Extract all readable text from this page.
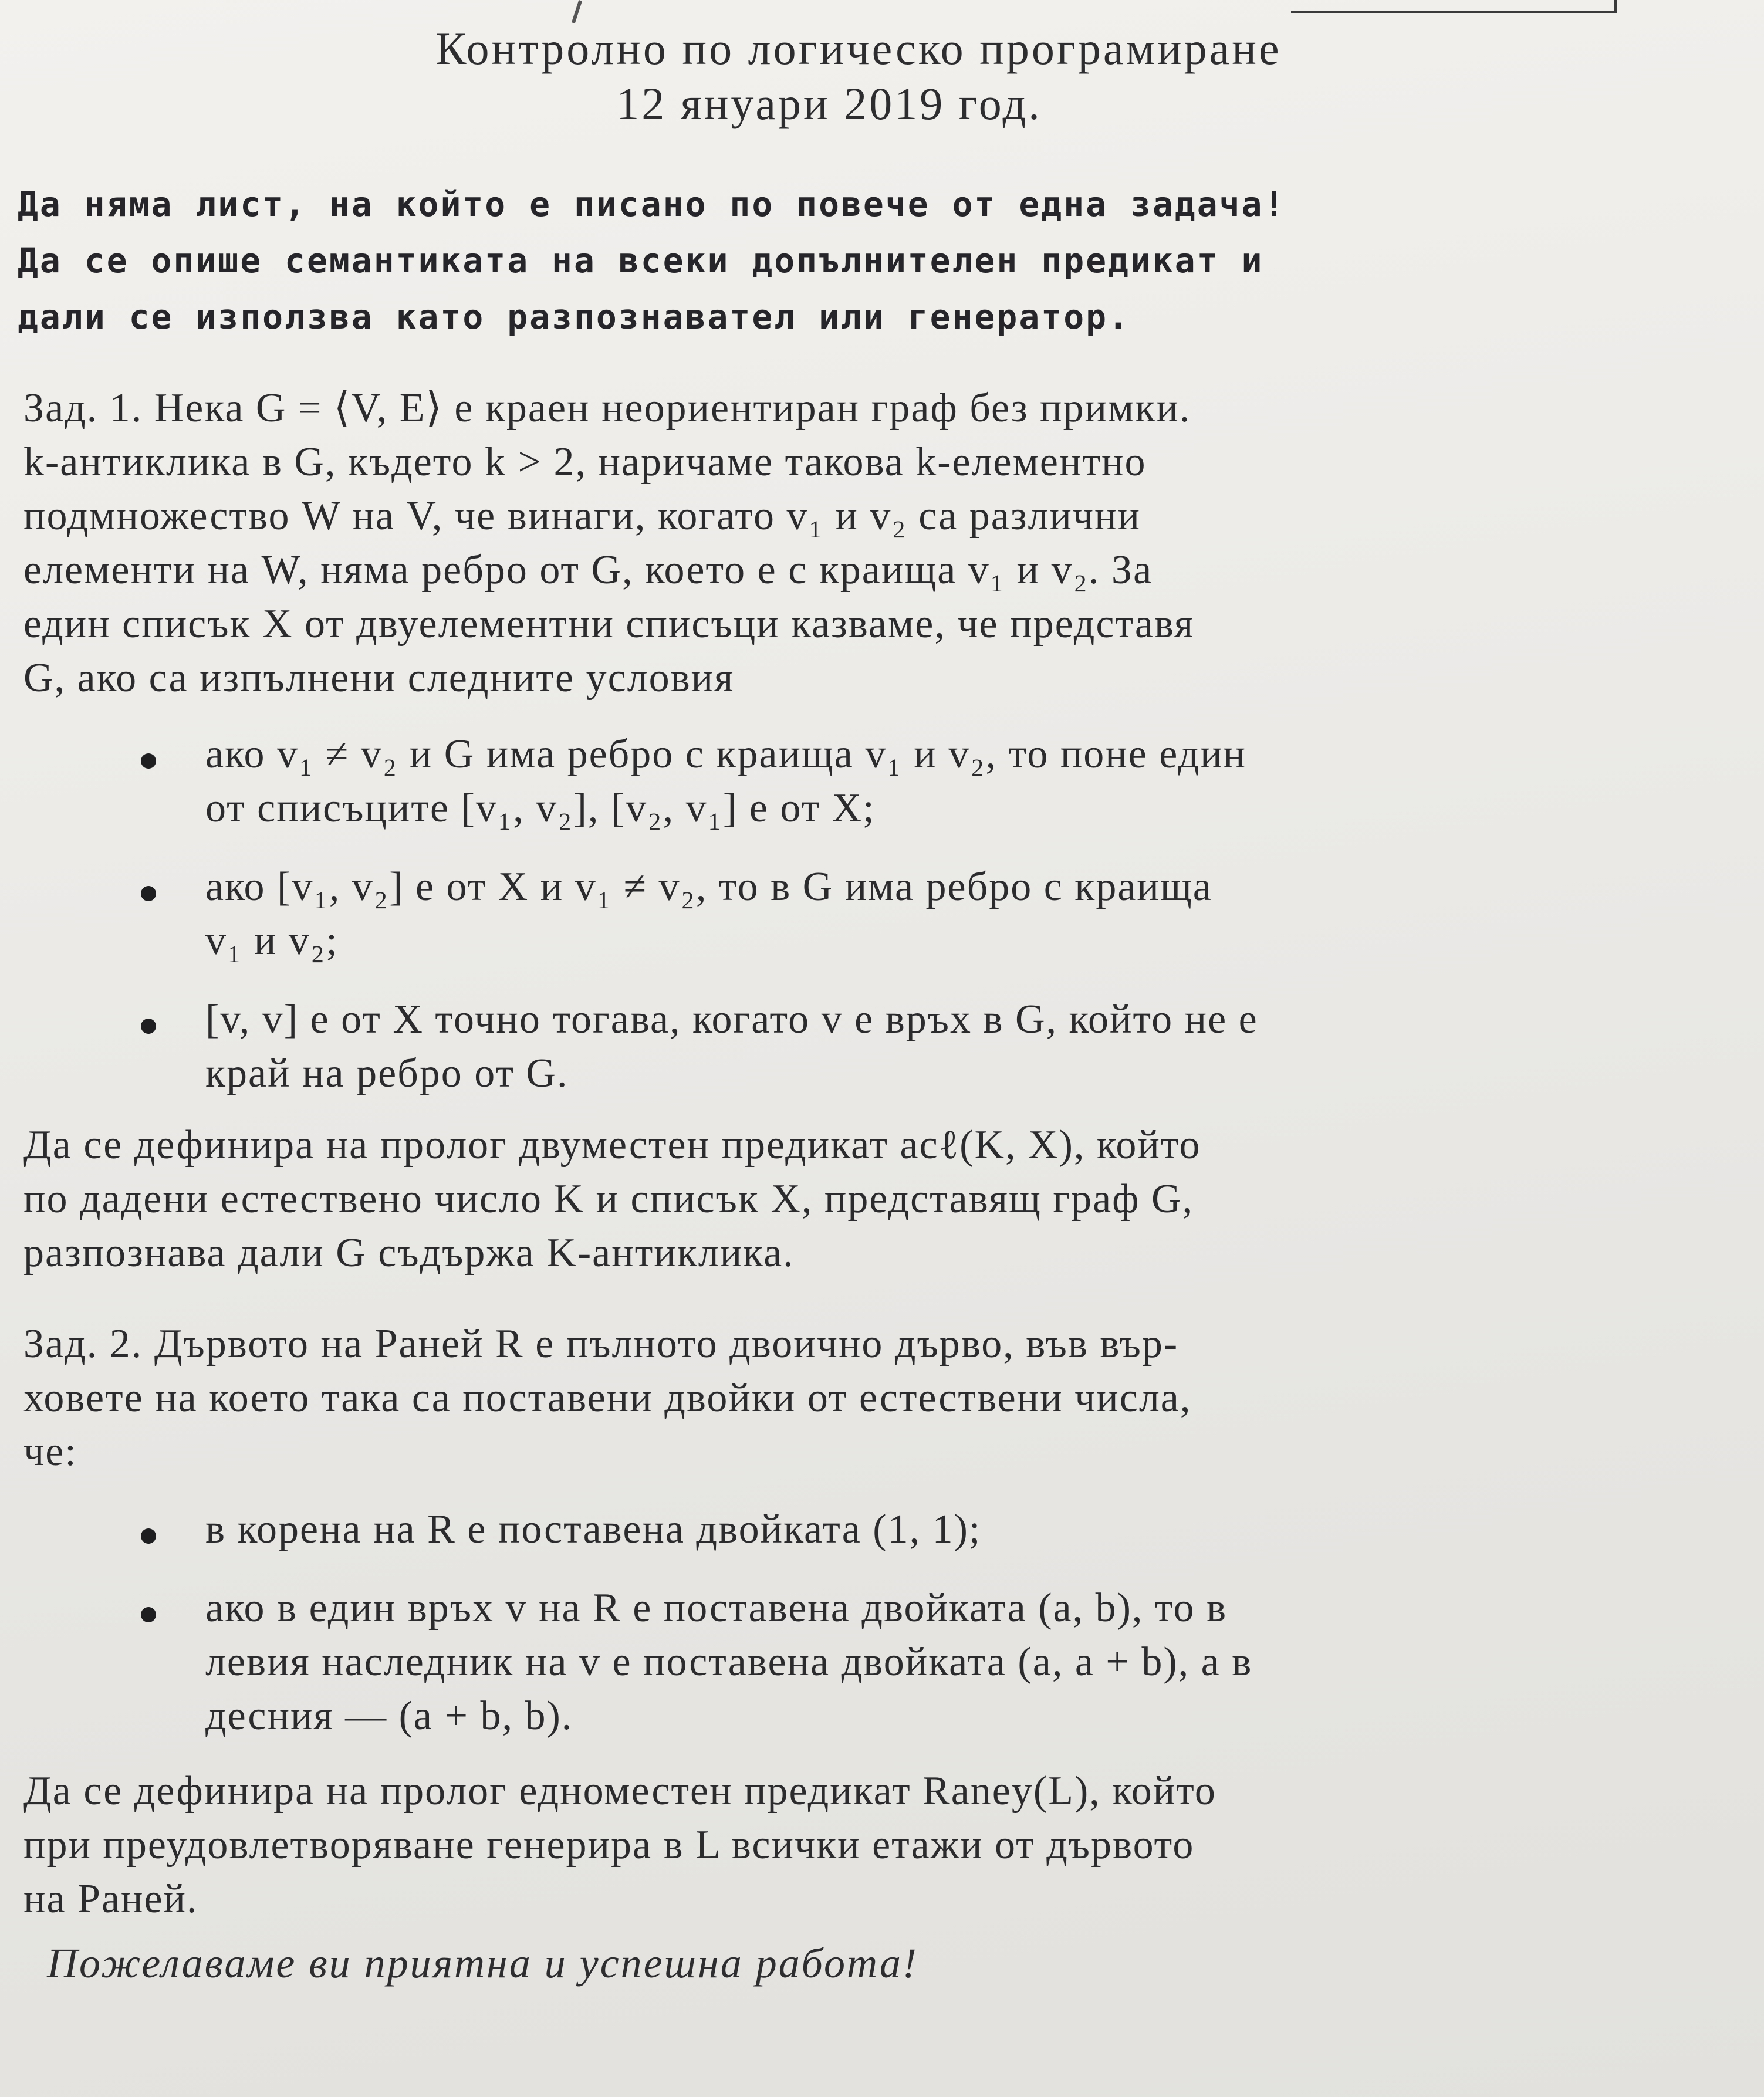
Контролно по логическо програмиране
12 януари 2019 год.
Да няма лист, на който е писано по повече от една задача!
Да се опише семантиката на всеки допълнителен предикат и
дали се използва като разпознавател или генератор.
Зад. 1. Нека G = ⟨V, E⟩ е краен неориентиран граф без примки.
k-антиклика в G, където k > 2, наричаме такова k-елементно
подмножество W на V, че винаги, когато v₁ и v₂ са различни
елементи на W, няма ребро от G, което е с краища v₁ и v₂. За
един списък X от двуелементни списъци казваме, че представя
G, ако са изпълнени следните условия
ако v₁ ≠ v₂ и G има ребро с краища v₁ и v₂, то поне един
от списъците [v₁, v₂], [v₂, v₁] е от X;
ако [v₁, v₂] е от X и v₁ ≠ v₂, то в G има ребро с краища
v₁ и v₂;
[v, v] е от X точно тогава, когато v е връх в G, който не е
край на ребро от G.
Да се дефинира на пролог двуместен предикат acℓ(K, X), който
по дадени естествено число K и списък X, представящ граф G,
разпознава дали G съдържа K-антиклика.
Зад. 2. Дървото на Раней R е пълното двоично дърво, във вър-
ховете на което така са поставени двойки от естествени числа,
че:
в корена на R е поставена двойката (1, 1);
ако в един връх v на R е поставена двойката (a, b), то в
левия наследник на v е поставена двойката (a, a + b), а в
десния — (a + b, b).
Да се дефинира на пролог едноместен предикат Raney(L), който
при преудовлетворяване генерира в L всички етажи от дървото
на Раней.
Пожелаваме ви приятна и успешна работа!
